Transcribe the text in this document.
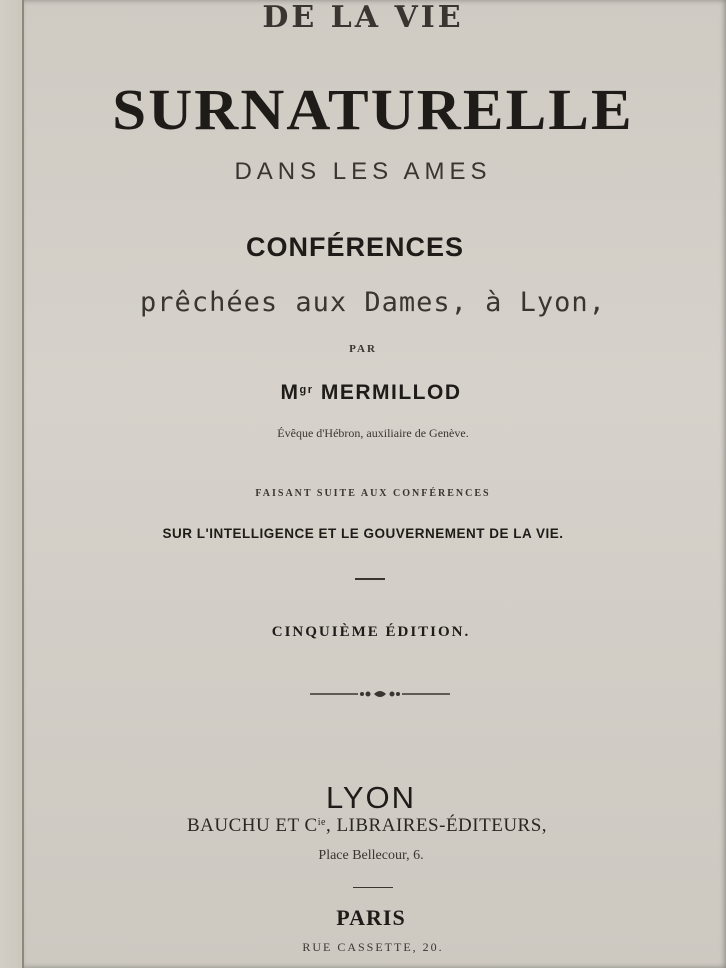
DE LA VIE
SURNATURELLE
DANS LES AMES
CONFÉRENCES
prêchées aux Dames, à Lyon,
PAR
$M^{gr}$ MERMILLOD
Évêque d'Hébron, auxiliaire de Genève.
FAISANT SUITE AUX CONFÉRENCES
SUR L'INTELLIGENCE ET LE GOUVERNEMENT DE LA VIE.
CINQUIÈME ÉDITION.
LYON
BAUCHU ET $C^{ie}$, LIBRAIRES-ÉDITEURS,
Place Bellecour, 6.
PARIS
RUE CASSETTE, 20.
